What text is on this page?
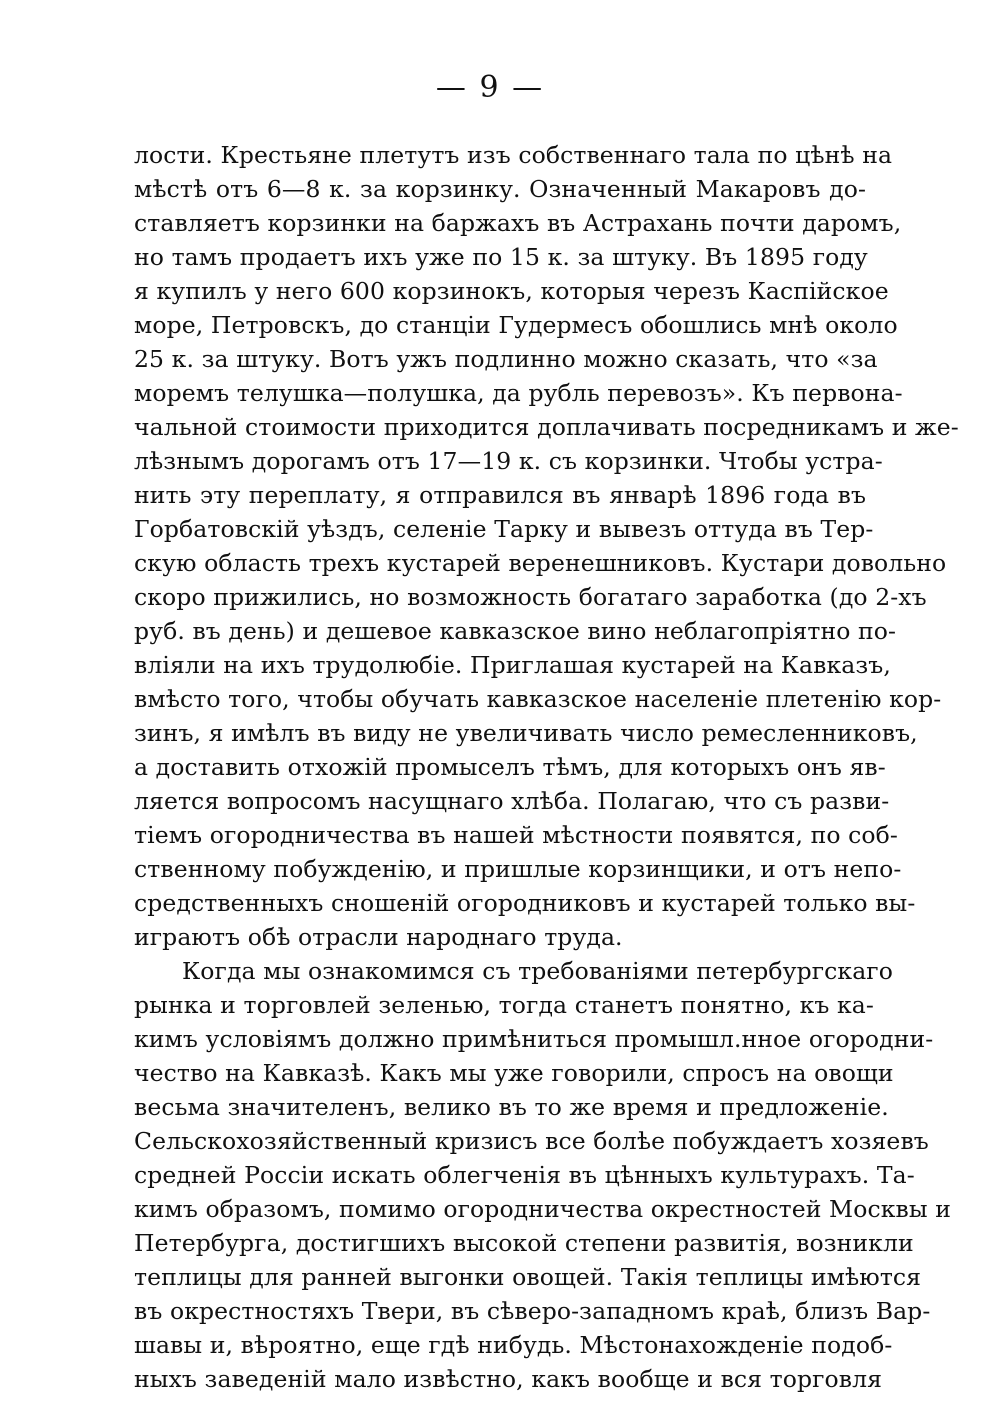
— 9 —
лости. Крестьяне плетутъ изъ собственнаго тала по цѣнѣ на
мѣстѣ отъ 6—8 к. за корзинку. Означенный Макаровъ до-
ставляетъ корзинки на баржахъ въ Астрахань почти даромъ,
но тамъ продаетъ ихъ уже по 15 к. за штуку. Въ 1895 году
я купилъ у него 600 корзинокъ, которыя черезъ Каспійское
море, Петровскъ, до станціи Гудермесъ обошлись мнѣ около
25 к. за штуку. Вотъ ужъ подлинно можно сказать, что «за
моремъ телушка—полушка, да рубль перевозъ». Къ первона-
чальной стоимости приходится доплачивать посредникамъ и же-
лѣзнымъ дорогамъ отъ 17—19 к. съ корзинки. Чтобы устра-
нить эту переплату, я отправился въ январѣ 1896 года въ
Горбатовскій уѣздъ, селеніе Тарку и вывезъ оттуда въ Тер-
скую область трехъ кустарей веренешниковъ. Кустари довольно
скоро прижились, но возможность богатаго заработка (до 2-хъ
руб. въ день) и дешевое кавказское вино неблагопріятно по-
вліяли на ихъ трудолюбіе. Приглашая кустарей на Кавказъ,
вмѣсто того, чтобы обучать кавказское населеніе плетенію кор-
зинъ, я имѣлъ въ виду не увеличивать число ремесленниковъ,
а доставить отхожій промыселъ тѣмъ, для которыхъ онъ яв-
ляется вопросомъ насущнаго хлѣба. Полагаю, что съ разви-
тіемъ огородничества въ нашей мѣстности появятся, по соб-
ственному побужденію, и пришлые корзинщики, и отъ непо-
средственныхъ сношеній огородниковъ и кустарей только вы-
играютъ обѣ отрасли народнаго труда.
Когда мы ознакомимся съ требованіями петербургскаго
рынка и торговлей зеленью, тогда станетъ понятно, къ ка-
кимъ условіямъ должно примѣниться промышл.нное огородни-
чество на Кавказѣ. Какъ мы уже говорили, спросъ на овощи
весьма значителенъ, велико въ то же время и предложеніе.
Сельскохозяйственный кризисъ все болѣе побуждаетъ хозяевъ
средней Россіи искать облегченія въ цѣнныхъ культурахъ. Та-
кимъ образомъ, помимо огородничества окрестностей Москвы и
Петербурга, достигшихъ высокой степени развитія, возникли
теплицы для ранней выгонки овощей. Такія теплицы имѣются
въ окрестностяхъ Твери, въ сѣверо-западномъ краѣ, близъ Вар-
шавы и, вѣроятно, еще гдѣ нибудь. Мѣстонахожденіе подоб-
ныхъ заведеній мало извѣстно, какъ вообще и вся торговля
